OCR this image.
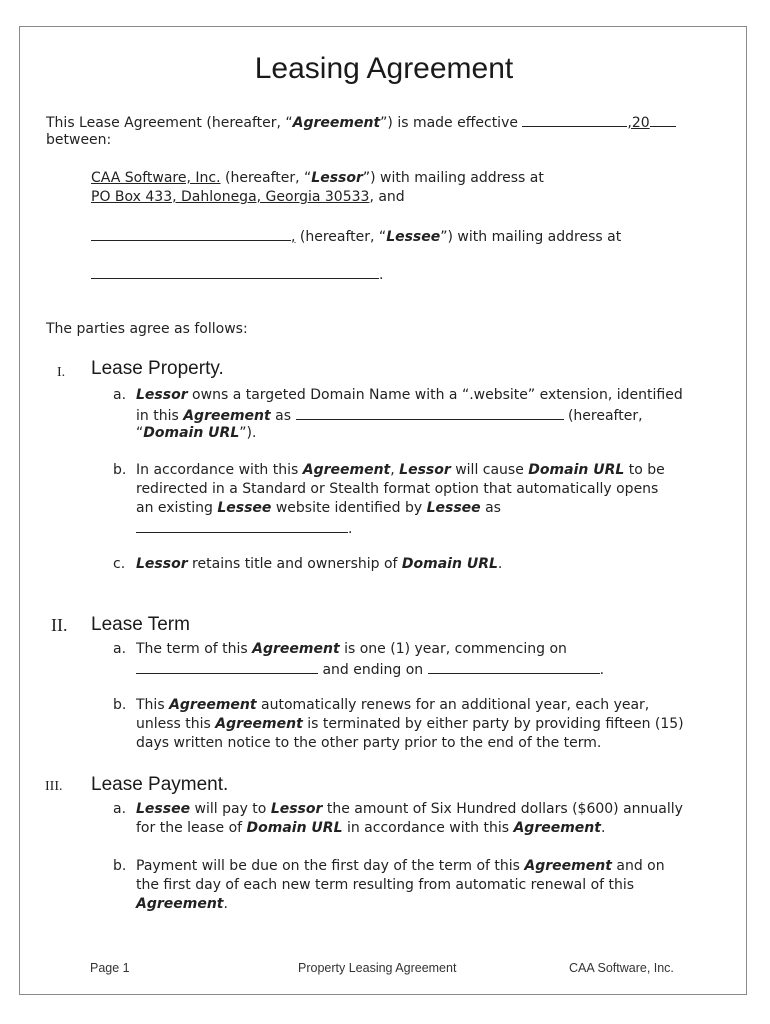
Leasing Agreement
This Lease Agreement (hereafter, “Agreement”) is made effective	,20
between:
CAA Software, Inc. (hereafter, “Lessor”) with mailing address at
PO Box 433, Dahlonega, Georgia 30533, and
, (hereafter, “Lessee”) with mailing address at
.
The parties agree as follows:
I. Lease Property.
a. Lessor owns a targeted Domain Name with a “.website” extension, identified
in this Agreement as	(hereafter,
“Domain URL”).
b. In accordance with this Agreement, Lessor will cause Domain URL to be
redirected in a Standard or Stealth format option that automatically opens
an existing Lessee website identified by Lessee as
.
c. Lessor retains title and ownership of Domain URL.
II. Lease Term
a. The term of this Agreement is one (1) year, commencing on
and ending on	.
b. This Agreement automatically renews for an additional year, each year,
unless this Agreement is terminated by either party by providing fifteen (15)
days written notice to the other party prior to the end of the term.
III. Lease Payment.
a. Lessee will pay to Lessor the amount of Six Hundred dollars ($600) annually
for the lease of Domain URL in accordance with this Agreement.
b. Payment will be due on the first day of the term of this Agreement and on
the first day of each new term resulting from automatic renewal of this
Agreement.
Page 1	Property Leasing Agreement	CAA Software, Inc.
